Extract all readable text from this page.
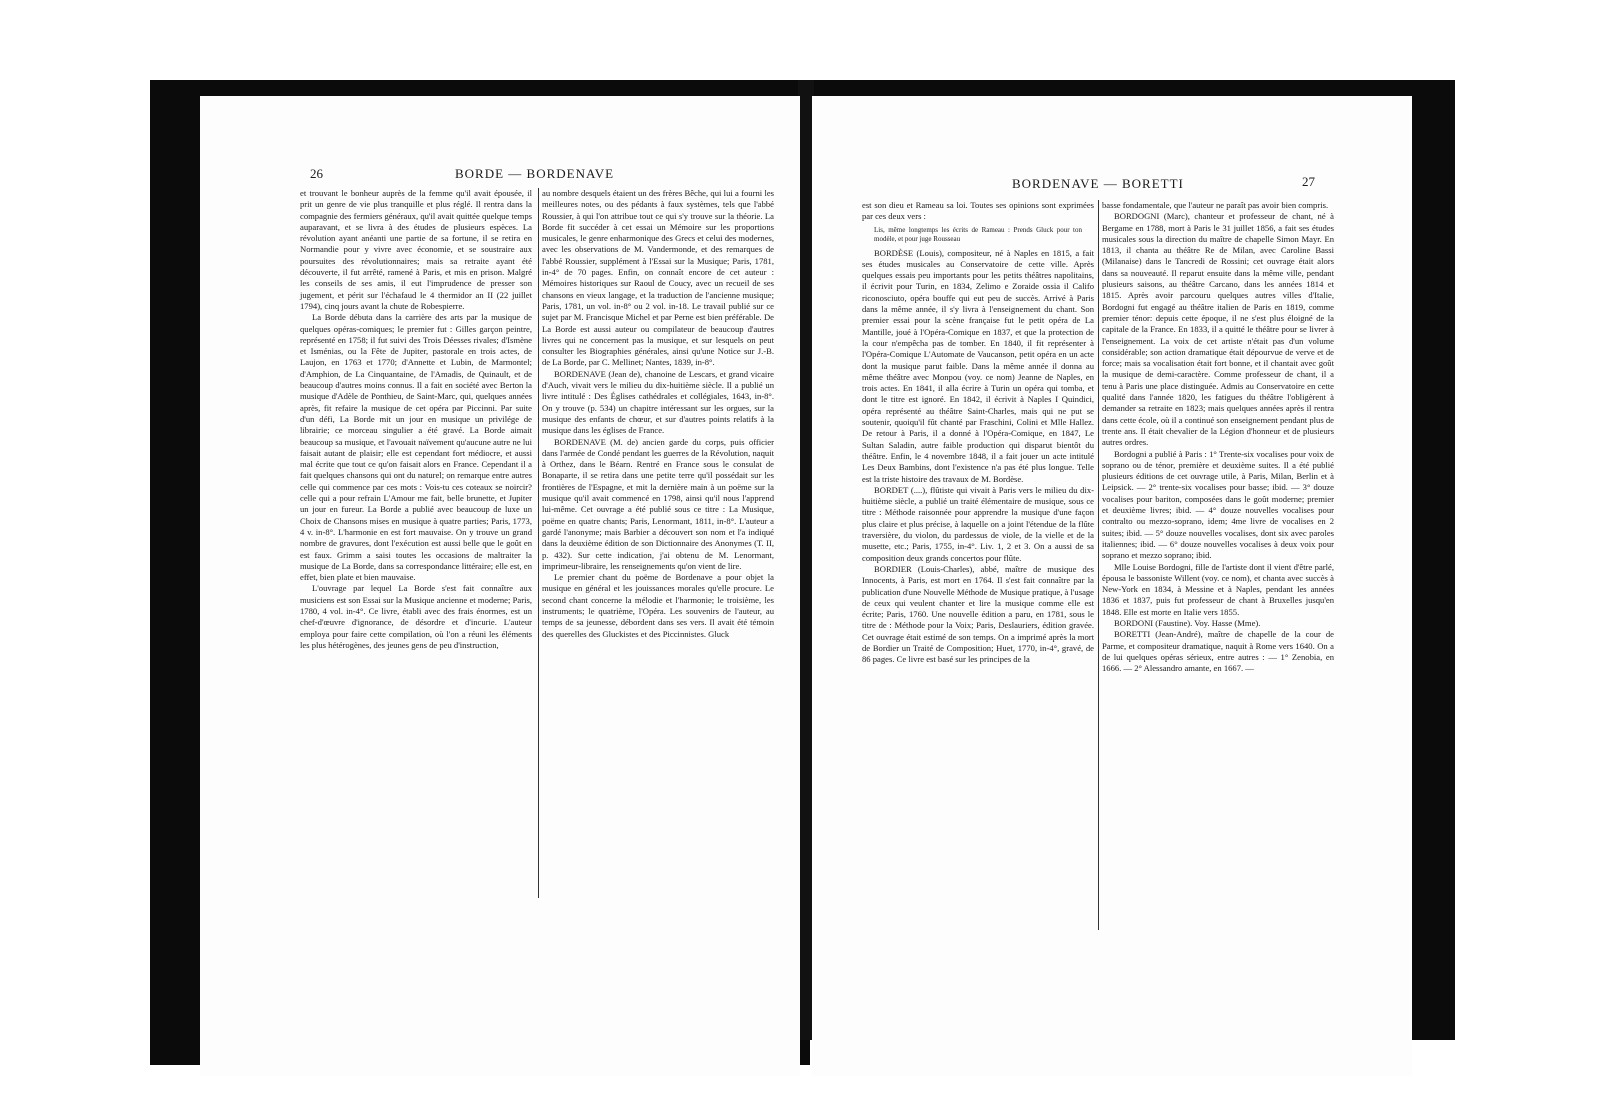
26	BORDE — BORDENAVE

et trouvant le bonheur auprès de la femme qu'il avait épousée, il prit un genre de vie plus tranquille et plus réglé. Il rentra dans la compagnie des fermiers généraux, qu'il avait quittée quelque temps auparavant, et se livra à des études de plusieurs espèces. La révolution ayant anéanti une partie de sa fortune, il se retira en Normandie pour y vivre avec économie, et se soustraire aux poursuites des révolutionnaires; mais sa retraite ayant été découverte, il fut arrêté, ramené à Paris, et mis en prison. Malgré les conseils de ses amis, il eut l'imprudence de presser son jugement, et périt sur l'échafaud le 4 thermidor an II (22 juillet 1794), cinq jours avant la chute de Robespierre.

La Borde débuta dans la carrière des arts par la musique de quelques opéras-comiques; le premier fut : Gilles garçon peintre, représenté en 1758; il fut suivi des Trois Déesses rivales; d'Ismène et Isménias, ou la Fête de Jupiter, pastorale en trois actes, de Laujon, en 1763 et 1770; d'Annette et Lubin, de Marmontel; d'Amphion, de La Cinquantaine, de l'Amadis, de Quinault, et de beaucoup d'autres moins connus. Il a fait en société avec Berton la musique d'Adèle de Ponthieu, de Saint-Marc, qui, quelques années après, fit refaire la musique de cet opéra par Piccinni. Par suite d'un défi, La Borde mit un jour en musique un privilége de librairie; ce morceau singulier a été gravé. La Borde aimait beaucoup sa musique, et l'avouait naïvement qu'aucune autre ne lui faisait autant de plaisir; elle est cependant fort médiocre, et aussi mal écrite que tout ce qu'on faisait alors en France. Cependant il a fait quelques chansons qui ont du naturel; on remarque entre autres celle qui commence par ces mots : Vois-tu ces coteaux se noircir? celle qui a pour refrain L'Amour me fait, belle brunette, et Jupiter un jour en fureur. La Borde a publié avec beaucoup de luxe un Choix de Chansons mises en musique à quatre parties; Paris, 1773, 4 v. in-8°. L'harmonie en est fort mauvaise. On y trouve un grand nombre de gravures, dont l'exécution est aussi belle que le goût en est faux. Grimm a saisi toutes les occasions de maltraiter la musique de La Borde, dans sa correspondance littéraire; elle est, en effet, bien plate et bien mauvaise.

L'ouvrage par lequel La Borde s'est fait connaître aux musiciens est son Essai sur la Musique ancienne et moderne; Paris, 1780, 4 vol. in-4°. Ce livre, établi avec des frais énormes, est un chef-d'œuvre d'ignorance, de désordre et d'incurie. L'auteur employa pour faire cette compilation, où l'on a réuni les éléments les plus hétérogènes, des jeunes gens de peu d'instruction,

au nombre desquels étaient un des frères Bêche, qui lui a fourni les meilleures notes, ou des pédants à faux systèmes, tels que l'abbé Roussier, à qui l'on attribue tout ce qui s'y trouve sur la théorie. La Borde fit succéder à cet essai un Mémoire sur les proportions musicales, le genre enharmonique des Grecs et celui des modernes, avec les observations de M. Vandermonde, et des remarques de l'abbé Roussier, supplément à l'Essai sur la Musique; Paris, 1781, in-4° de 70 pages. Enfin, on connaît encore de cet auteur : Mémoires historiques sur Raoul de Coucy, avec un recueil de ses chansons en vieux langage, et la traduction de l'ancienne musique; Paris, 1781, un vol. in-8° ou 2 vol. in-18. Le travail publié sur ce sujet par M. Francisque Michel et par Perne est bien préférable. De La Borde est aussi auteur ou compilateur de beaucoup d'autres livres qui ne concernent pas la musique, et sur lesquels on peut consulter les Biographies générales, ainsi qu'une Notice sur J.-B. de La Borde, par C. Mellinet; Nantes, 1839, in-8°.

BORDENAVE (Jean de), chanoine de Lescars, et grand vicaire d'Auch, vivait vers le milieu du dix-huitième siècle. Il a publié un livre intitulé : Des Églises cathédrales et collégiales, 1643, in-8°. On y trouve (p. 534) un chapitre intéressant sur les orgues, sur la musique des enfants de chœur, et sur d'autres points relatifs à la musique dans les églises de France.

BORDENAVE (M. de) ancien garde du corps, puis officier dans l'armée de Condé pendant les guerres de la Révolution, naquit à Orthez, dans le Béarn. Rentré en France sous le consulat de Bonaparte, il se retira dans une petite terre qu'il possédait sur les frontières de l'Espagne, et mit la dernière main à un poëme sur la musique qu'il avait commencé en 1798, ainsi qu'il nous l'apprend lui-même. Cet ouvrage a été publié sous ce titre : La Musique, poëme en quatre chants; Paris, Lenormant, 1811, in-8°. L'auteur a gardé l'anonyme; mais Barbier a découvert son nom et l'a indiqué dans la deuxième édition de son Dictionnaire des Anonymes (T. II, p. 432). Sur cette indication, j'ai obtenu de M. Lenormant, imprimeur-libraire, les renseignements qu'on vient de lire.

Le premier chant du poëme de Bordenave a pour objet la musique en général et les jouissances morales qu'elle procure. Le second chant concerne la mélodie et l'harmonie; le troisième, les instruments; le quatrième, l'Opéra. Les souvenirs de l'auteur, au temps de sa jeunesse, débordent dans ses vers. Il avait été témoin des querelles des Gluckistes et des Piccinnistes. Gluck

BORDENAVE — BORETTI	27

est son dieu et Rameau sa loi. Toutes ses opinions sont exprimées par ces deux vers :

Lis, même longtemps les écrits de Rameau : Prends Gluck pour ton modèle, et pour juge Rousseau

BORDÈSE (Louis), compositeur, né à Naples en 1815, a fait ses études musicales au Conservatoire de cette ville. Après quelques essais peu importants pour les petits théâtres napolitains, il écrivit pour Turin, en 1834, Zelimo e Zoraide ossia il Califo riconosciuto, opéra bouffe qui eut peu de succès. Arrivé à Paris dans la même année, il s'y livra à l'enseignement du chant. Son premier essai pour la scène française fut le petit opéra de La Mantille, joué à l'Opéra-Comique en 1837, et que la protection de la cour n'empêcha pas de tomber. En 1840, il fit représenter à l'Opéra-Comique L'Automate de Vaucanson, petit opéra en un acte dont la musique parut faible. Dans la même année il donna au même théâtre avec Monpou (voy. ce nom) Jeanne de Naples, en trois actes. En 1841, il alla écrire à Turin un opéra qui tomba, et dont le titre est ignoré. En 1842, il écrivit à Naples I Quindici, opéra représenté au théâtre Saint-Charles, mais qui ne put se soutenir, quoiqu'il fût chanté par Fraschini, Colini et Mlle Hallez. De retour à Paris, il a donné à l'Opéra-Comique, en 1847, Le Sultan Saladin, autre faible production qui disparut bientôt du théâtre. Enfin, le 4 novembre 1848, il a fait jouer un acte intitulé Les Deux Bambins, dont l'existence n'a pas été plus longue. Telle est la triste histoire des travaux de M. Bordèse.

BORDET (....), flûtiste qui vivait à Paris vers le milieu du dix-huitième siècle, a publié un traité élémentaire de musique, sous ce titre : Méthode raisonnée pour apprendre la musique d'une façon plus claire et plus précise, à laquelle on a joint l'étendue de la flûte traversière, du violon, du pardessus de viole, de la vielle et de la musette, etc.; Paris, 1755, in-4°. Liv. 1, 2 et 3. On a aussi de sa composition deux grands concertos pour flûte.

BORDIER (Louis-Charles), abbé, maître de musique des Innocents, à Paris, est mort en 1764. Il s'est fait connaître par la publication d'une Nouvelle Méthode de Musique pratique, à l'usage de ceux qui veulent chanter et lire la musique comme elle est écrite; Paris, 1760. Une nouvelle édition a paru, en 1781, sous le titre de : Méthode pour la Voix; Paris, Deslauriers, édition gravée. Cet ouvrage était estimé de son temps. On a imprimé après la mort de Bordier un Traité de Composition; Huet, 1770, in-4°, gravé, de 86 pages. Ce livre est basé sur les principes de la

basse fondamentale, que l'auteur ne paraît pas avoir bien compris.

BORDOGNI (Marc), chanteur et professeur de chant, né à Bergame en 1788, mort à Paris le 31 juillet 1856, a fait ses études musicales sous la direction du maître de chapelle Simon Mayr. En 1813, il chanta au théâtre Re de Milan, avec Caroline Bassi (Milanaise) dans le Tancredi de Rossini; cet ouvrage était alors dans sa nouveauté. Il reparut ensuite dans la même ville, pendant plusieurs saisons, au théâtre Carcano, dans les années 1814 et 1815. Après avoir parcouru quelques autres villes d'Italie, Bordogni fut engagé au théâtre italien de Paris en 1819, comme premier ténor: depuis cette époque, il ne s'est plus éloigné de la capitale de la France. En 1833, il a quitté le théâtre pour se livrer à l'enseignement. La voix de cet artiste n'était pas d'un volume considérable; son action dramatique était dépourvue de verve et de force; mais sa vocalisation était fort bonne, et il chantait avec goût la musique de demi-caractère. Comme professeur de chant, il a tenu à Paris une place distinguée. Admis au Conservatoire en cette qualité dans l'année 1820, les fatigues du théâtre l'obligèrent à demander sa retraite en 1823; mais quelques années après il rentra dans cette école, où il a continué son enseignement pendant plus de trente ans. Il était chevalier de la Légion d'honneur et de plusieurs autres ordres.

Bordogni a publié à Paris : 1° Trente-six vocalises pour voix de soprano ou de ténor, première et deuxième suites. Il a été publié plusieurs éditions de cet ouvrage utile, à Paris, Milan, Berlin et à Leipsick. — 2° trente-six vocalises pour basse; ibid. — 3° douze vocalises pour bariton, composées dans le goût moderne; premier et deuxième livres; ibid. — 4° douze nouvelles vocalises pour contralto ou mezzo-soprano, idem; 4me livre de vocalises en 2 suites; ibid. — 5° douze nouvelles vocalises, dont six avec paroles italiennes; ibid. — 6° douze nouvelles vocalises à deux voix pour soprano et mezzo soprano; ibid.

Mlle Louise Bordogni, fille de l'artiste dont il vient d'être parlé, épousa le bassoniste Willent (voy. ce nom), et chanta avec succès à New-York en 1834, à Messine et à Naples, pendant les années 1836 et 1837, puis fut professeur de chant à Bruxelles jusqu'en 1848. Elle est morte en Italie vers 1855.

BORDONI (Faustine). Voy. Hasse (Mme).

BORETTI (Jean-André), maître de chapelle de la cour de Parme, et compositeur dramatique, naquit à Rome vers 1640. On a de lui quelques opéras sérieux, entre autres : — 1° Zenobia, en 1666. — 2° Alessandro amante, en 1667. —
